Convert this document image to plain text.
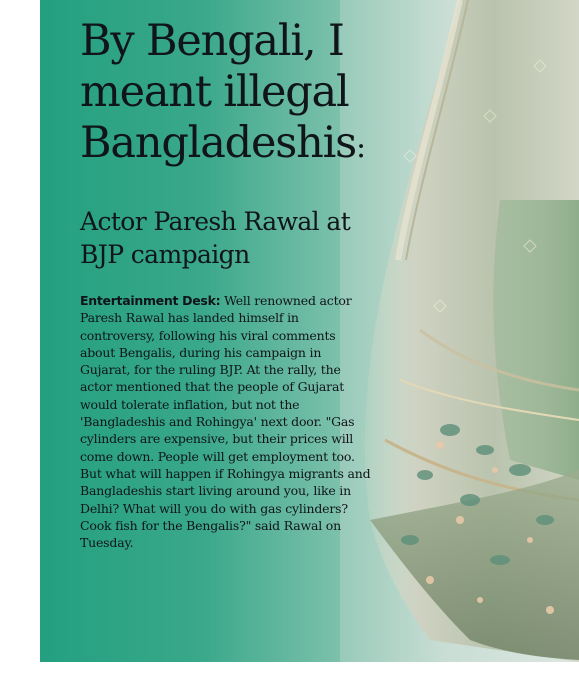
By Bengali, I meant illegal Bangladeshis:
Actor Paresh Rawal at BJP campaign

Entertainment Desk: Well renowned actor Paresh Rawal has landed himself in controversy, following his viral comments about Bengalis, during his campaign in Gujarat, for the ruling BJP. At the rally, the actor mentioned that the people of Gujarat would tolerate inflation, but not the 'Bangladeshis and Rohingya' next door. "Gas cylinders are expensive, but their prices will come down. People will get employment too. But what will happen if Rohingya migrants and Bangladeshis start living around you, like in Delhi? What will you do with gas cylinders? Cook fish for the Bengalis?" said Rawal on Tuesday.
